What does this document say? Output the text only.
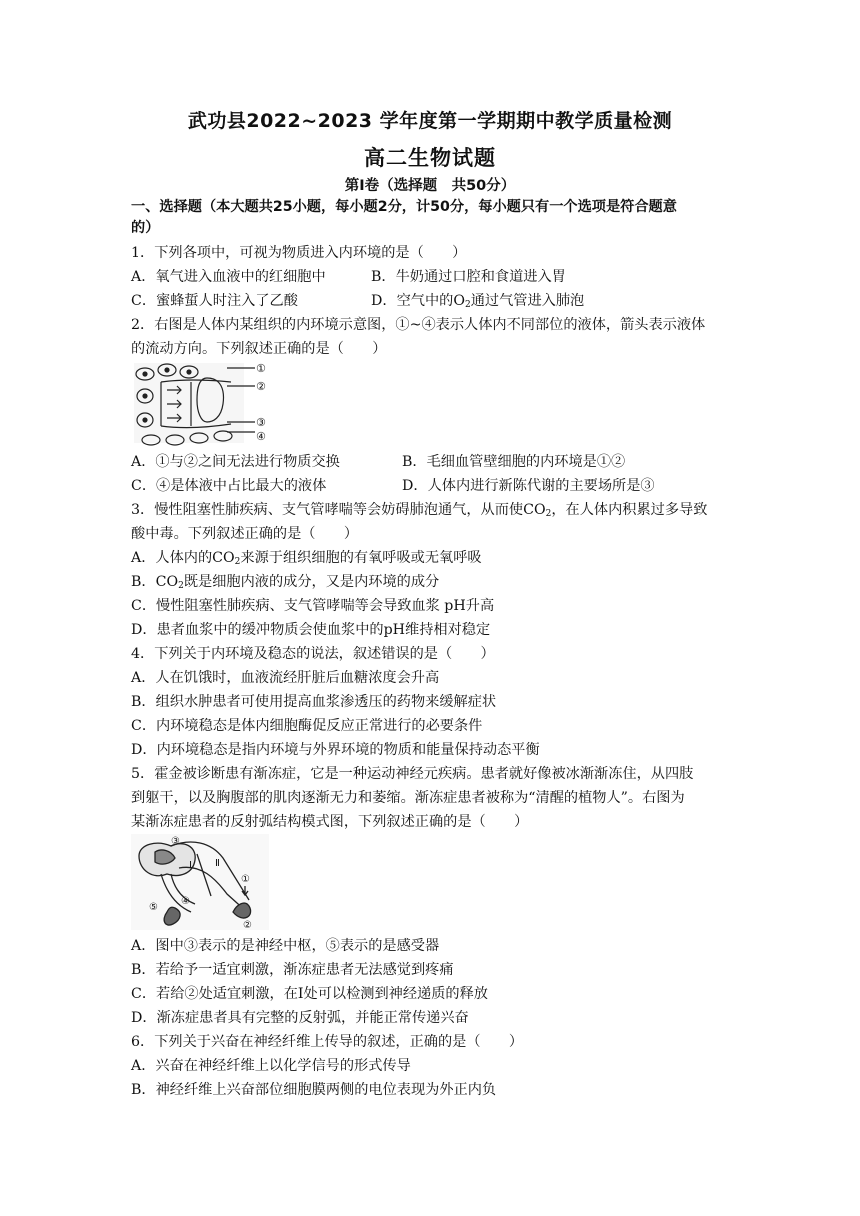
武功县2022~2023 学年度第一学期期中教学质量检测
高二生物试题
第Ⅰ卷（选择题　共50分）
一、选择题（本大题共25小题，每小题2分，计50分，每小题只有一个选项是符合题意
的）
1．下列各项中，可视为物质进入内环境的是（　　）
A．氧气进入血液中的红细胞中	B．牛奶通过口腔和食道进入胃
C．蜜蜂蜇人时注入了乙酸	D．空气中的$O_2$通过气管进入肺泡
2．右图是人体内某组织的内环境示意图，①~④表示人体内不同部位的液体，箭头表示液体
的流动方向。下列叙述正确的是（　　）
①
②
③
④
A．①与②之间无法进行物质交换	B．毛细血管壁细胞的内环境是①②
C．④是体液中占比最大的液体	D．人体内进行新陈代谢的主要场所是③
3．慢性阻塞性肺疾病、支气管哮喘等会妨碍肺泡通气，从而使$CO_2$，在人体内积累过多导致
酸中毒。下列叙述正确的是（　　）
A．人体内的$CO_2$来源于组织细胞的有氧呼吸或无氧呼吸
B．$CO_2$既是细胞内液的成分，又是内环境的成分
C．慢性阻塞性肺疾病、支气管哮喘等会导致血浆 pH升高
D．患者血浆中的缓冲物质会使血浆中的pH维持相对稳定
4．下列关于内环境及稳态的说法，叙述错误的是（　　）
A．人在饥饿时，血液流经肝脏后血糖浓度会升高
B．组织水肿患者可使用提高血浆渗透压的药物来缓解症状
C．内环境稳态是体内细胞酶促反应正常进行的必要条件
D．内环境稳态是指内环境与外界环境的物质和能量保持动态平衡
5．霍金被诊断患有渐冻症，它是一种运动神经元疾病。患者就好像被冰渐渐冻住，从四肢
到躯干，以及胸腹部的肌肉逐渐无力和萎缩。渐冻症患者被称为“清醒的植物人”。右图为
某渐冻症患者的反射弧结构模式图，下列叙述正确的是（　　）
③
①
⑤
④
②
Ⅰ Ⅱ
A．图中③表示的是神经中枢，⑤表示的是感受器
B．若给予一适宜刺激，渐冻症患者无法感觉到疼痛
C．若给②处适宜刺激，在Ⅰ处可以检测到神经递质的释放
D．渐冻症患者具有完整的反射弧，并能正常传递兴奋
6．下列关于兴奋在神经纤维上传导的叙述，正确的是（　　）
A．兴奋在神经纤维上以化学信号的形式传导
B．神经纤维上兴奋部位细胞膜两侧的电位表现为外正内负
